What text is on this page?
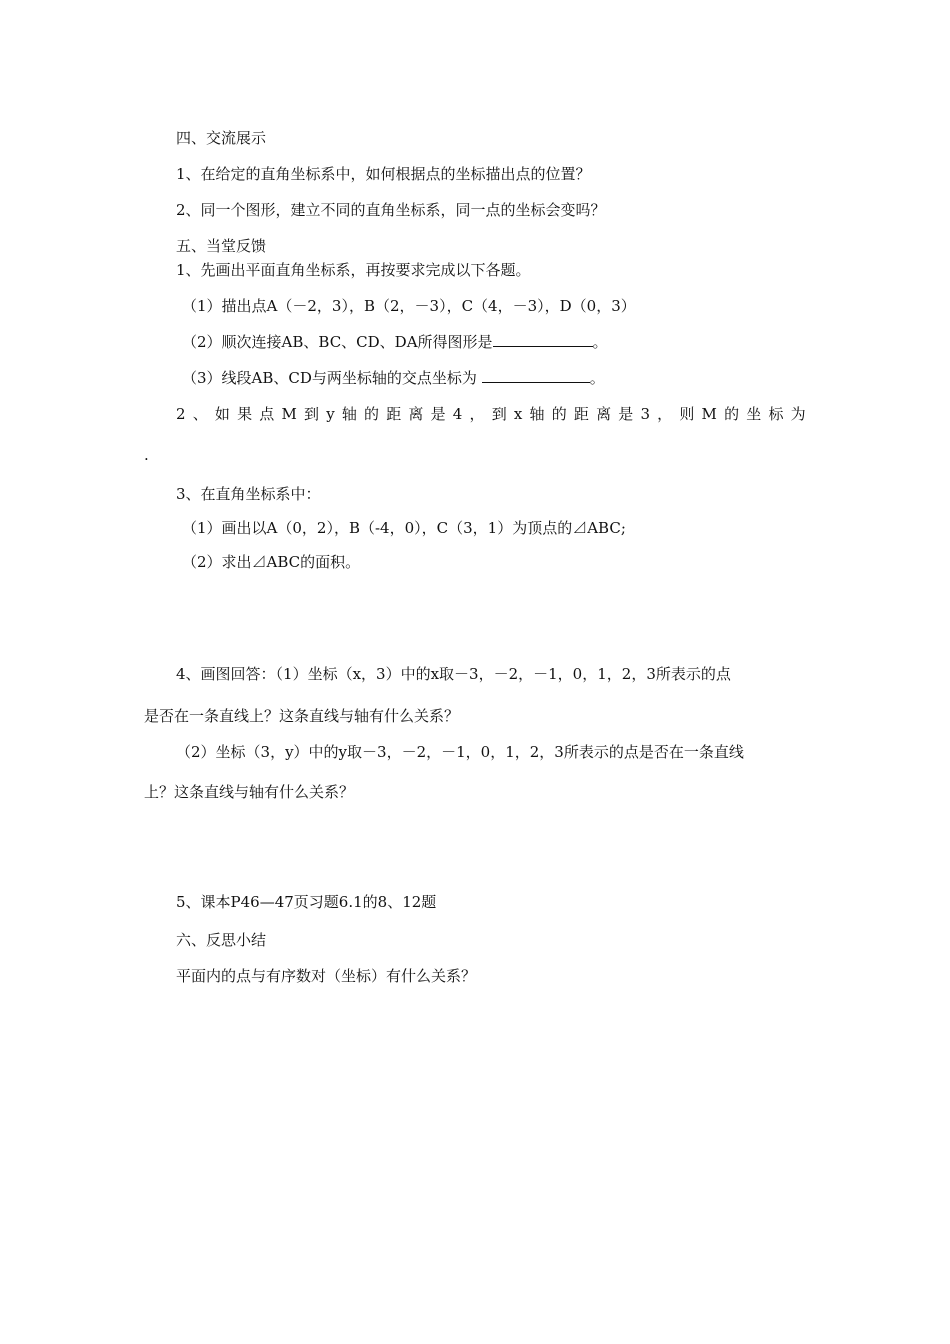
四、交流展示
1、在给定的直角坐标系中，如何根据点的坐标描出点的位置？
2、同一个图形，建立不同的直角坐标系，同一点的坐标会变吗？
五、当堂反馈
1、先画出平面直角坐标系，再按要求完成以下各题。
（1）描出点A（－2，3），B（2，－3），C（4，－3），D（0，3）
（2）顺次连接AB、BC、CD、DA所得图形是	。
（3）线段AB、CD与两坐标轴的交点坐标为	。
2 、 如 果 点 M 到 y 轴 的 距 离 是 4 ， 到 x 轴 的 距 离 是 3 ， 则 M 的 坐 标 为
.
3、在直角坐标系中：
（1）画出以A（0，2），B（-4，0），C（3，1）为顶点的⊿ABC;
（2）求出⊿ABC的面积。
4、画图回答：（1）坐标（x，3）中的x取－3，－2，－1，0，1，2，3所表示的点
是否在一条直线上？这条直线与轴有什么关系？
（2）坐标（3，y）中的y取－3，－2，－1，0，1，2，3所表示的点是否在一条直线
上？这条直线与轴有什么关系？
5、课本P46—47页习题6.1的8、12题
六、反思小结
平面内的点与有序数对（坐标）有什么关系？
